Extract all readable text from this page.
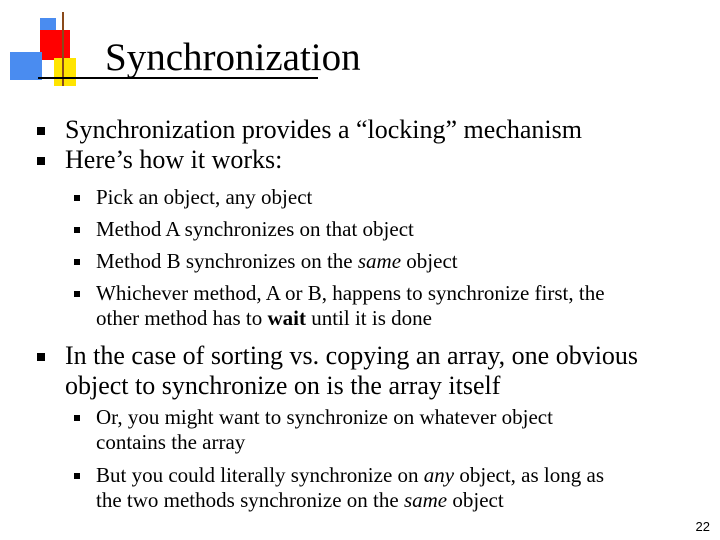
Synchronization
Synchronization provides a “locking” mechanism
Here’s how it works:
Pick an object, any object
Method A synchronizes on that object
Method B synchronizes on the same object
Whichever method, A or B, happens to synchronize first, the
other method has to wait until it is done
In the case of sorting vs. copying an array, one obvious
object to synchronize on is the array itself
Or, you might want to synchronize on whatever object
contains the array
But you could literally synchronize on any object, as long as
the two methods synchronize on the same object
22
